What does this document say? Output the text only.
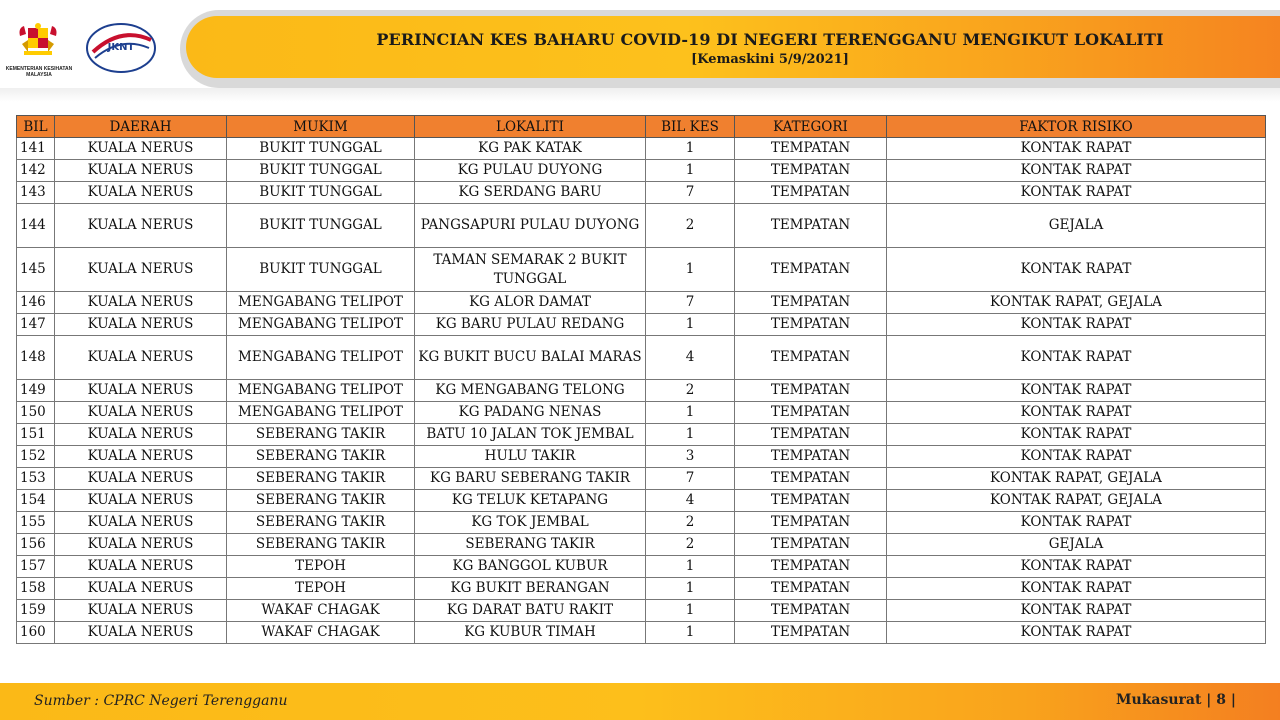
KEMENTERIAN KESIHATAN MALAYSIA
JKNT	PERINCIAN KES BAHARU COVID-19 DI NEGERI TERENGGANU MENGIKUT LOKALITI
[Kemaskini 5/9/2021]
BIL	DAERAH	MUKIM	LOKALITI	BIL KES	KATEGORI	FAKTOR RISIKO
141	KUALA NERUS	BUKIT TUNGGAL	KG PAK KATAK	1	TEMPATAN	KONTAK RAPAT
142	KUALA NERUS	BUKIT TUNGGAL	KG PULAU DUYONG	1	TEMPATAN	KONTAK RAPAT
143	KUALA NERUS	BUKIT TUNGGAL	KG SERDANG BARU	7	TEMPATAN	KONTAK RAPAT
144	KUALA NERUS	BUKIT TUNGGAL	PANGSAPURI PULAU DUYONG	2	TEMPATAN	GEJALA
145	KUALA NERUS	BUKIT TUNGGAL	TAMAN SEMARAK 2 BUKIT TUNGGAL	1	TEMPATAN	KONTAK RAPAT
146	KUALA NERUS	MENGABANG TELIPOT	KG ALOR DAMAT	7	TEMPATAN	KONTAK RAPAT, GEJALA
147	KUALA NERUS	MENGABANG TELIPOT	KG BARU PULAU REDANG	1	TEMPATAN	KONTAK RAPAT
148	KUALA NERUS	MENGABANG TELIPOT	KG BUKIT BUCU BALAI MARAS	4	TEMPATAN	KONTAK RAPAT
149	KUALA NERUS	MENGABANG TELIPOT	KG MENGABANG TELONG	2	TEMPATAN	KONTAK RAPAT
150	KUALA NERUS	MENGABANG TELIPOT	KG PADANG NENAS	1	TEMPATAN	KONTAK RAPAT
151	KUALA NERUS	SEBERANG TAKIR	BATU 10 JALAN TOK JEMBAL	1	TEMPATAN	KONTAK RAPAT
152	KUALA NERUS	SEBERANG TAKIR	HULU TAKIR	3	TEMPATAN	KONTAK RAPAT
153	KUALA NERUS	SEBERANG TAKIR	KG BARU SEBERANG TAKIR	7	TEMPATAN	KONTAK RAPAT, GEJALA
154	KUALA NERUS	SEBERANG TAKIR	KG TELUK KETAPANG	4	TEMPATAN	KONTAK RAPAT, GEJALA
155	KUALA NERUS	SEBERANG TAKIR	KG TOK JEMBAL	2	TEMPATAN	KONTAK RAPAT
156	KUALA NERUS	SEBERANG TAKIR	SEBERANG TAKIR	2	TEMPATAN	GEJALA
157	KUALA NERUS	TEPOH	KG BANGGOL KUBUR	1	TEMPATAN	KONTAK RAPAT
158	KUALA NERUS	TEPOH	KG BUKIT BERANGAN	1	TEMPATAN	KONTAK RAPAT
159	KUALA NERUS	WAKAF CHAGAK	KG DARAT BATU RAKIT	1	TEMPATAN	KONTAK RAPAT
160	KUALA NERUS	WAKAF CHAGAK	KG KUBUR TIMAH	1	TEMPATAN	KONTAK RAPAT
Sumber : CPRC Negeri Terengganu	Mukasurat | 8 |
